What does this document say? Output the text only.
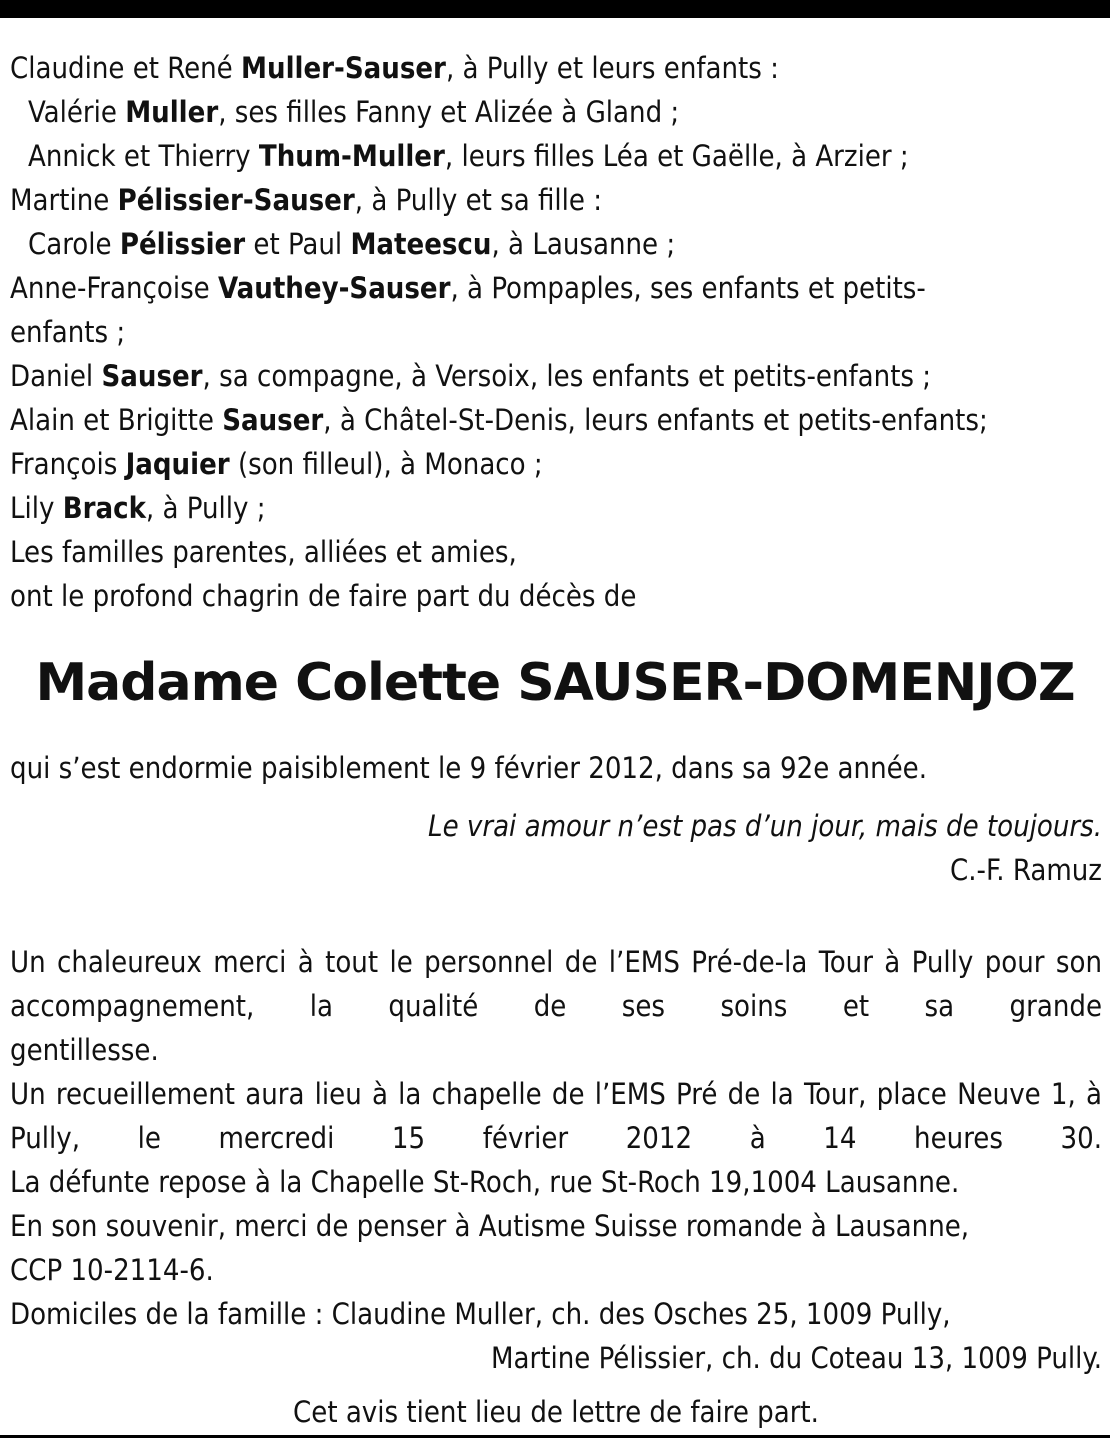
Claudine et René Muller-Sauser, à Pully et leurs enfants :
Valérie Muller, ses filles Fanny et Alizée à Gland ;
Annick et Thierry Thum-Muller, leurs filles Léa et Gaëlle, à Arzier ;
Martine Pélissier-Sauser, à Pully et sa fille :
Carole Pélissier et Paul Mateescu, à Lausanne ;
Anne-Françoise Vauthey-Sauser, à Pompaples, ses enfants et petits-
enfants ;
Daniel Sauser, sa compagne, à Versoix, les enfants et petits-enfants ;
Alain et Brigitte Sauser, à Châtel-St-Denis, leurs enfants et petits-enfants;
François Jaquier (son filleul), à Monaco ;
Lily Brack, à Pully ;
Les familles parentes, alliées et amies,
ont le profond chagrin de faire part du décès de
Madame Colette SAUSER-DOMENJOZ
qui s’est endormie paisiblement le 9 février 2012, dans sa 92e année.
Le vrai amour n’est pas d’un jour, mais de toujours.
C.-F. Ramuz
Un chaleureux merci à tout le personnel de l’EMS Pré-de-la Tour à Pully pour son accompagnement, la qualité de ses soins et sa grande
gentillesse.
Un recueillement aura lieu à la chapelle de l’EMS Pré de la Tour, place Neuve 1, à Pully, le mercredi 15 février 2012 à 14 heures 30.
La défunte repose à la Chapelle St-Roch, rue St-Roch 19,1004 Lausanne.
En son souvenir, merci de penser à Autisme Suisse romande à Lausanne,
CCP 10-2114-6.
Domiciles de la famille : Claudine Muller, ch. des Osches 25, 1009 Pully,
Martine Pélissier, ch. du Coteau 13, 1009 Pully.
Cet avis tient lieu de lettre de faire part.
